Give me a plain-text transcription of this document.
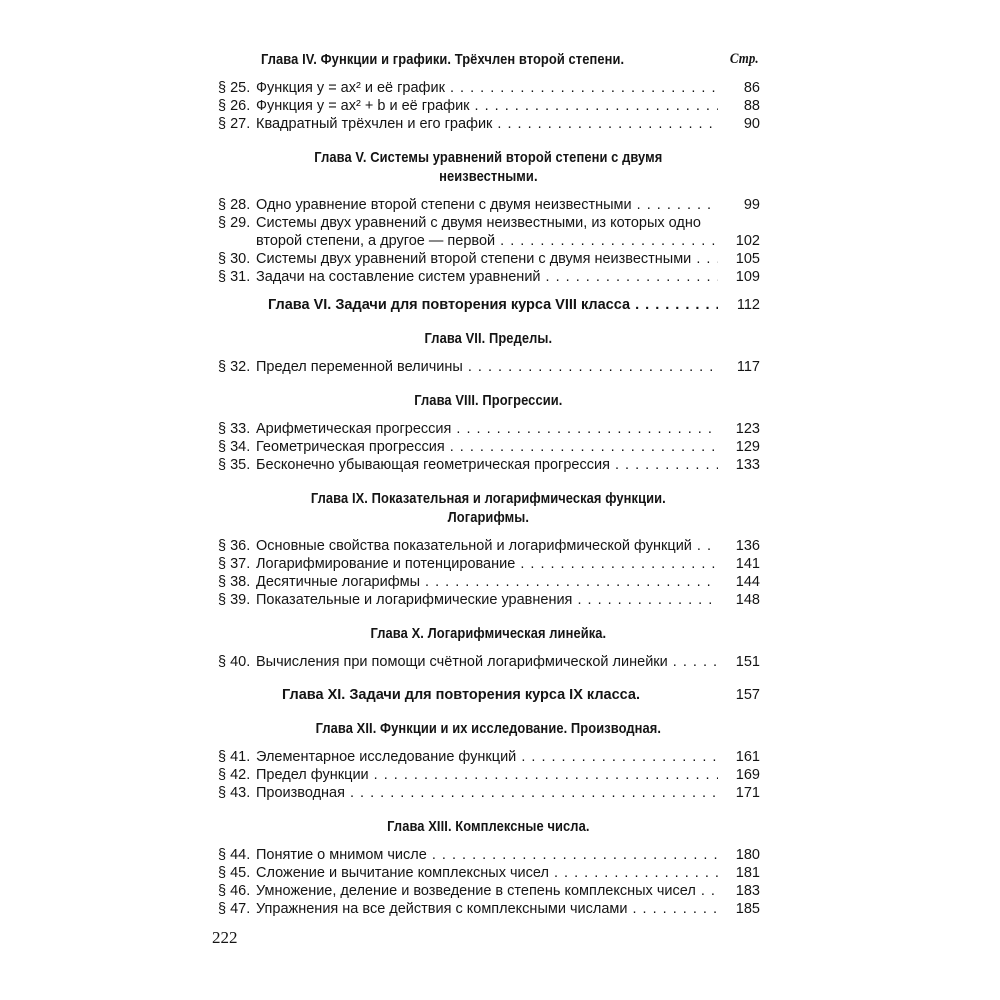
Глава IV. Функции и графики. Трёхчлен второй степени.	Стр.
§ 25. Функция y = ax² и её график . . .	86
§ 26. Функция y = ax² + b и её график . . .	88
§ 27. Квадратный трёхчлен и его график . . .	90
Глава V. Системы уравнений второй степени с двумя
неизвестными.
§ 28. Одно уравнение второй степени с двумя неизвестными . . .	99
§ 29. Системы двух уравнений с двумя неизвестными, из которых одно
второй степени, а другое — первой . . .	102
§ 30. Системы двух уравнений второй степени с двумя неизвестными . . .	105
§ 31. Задачи на составление систем уравнений . . .	109
Глава VI. Задачи для повторения курса VIII класса . . .	112
Глава VII. Пределы.
§ 32. Предел переменной величины . . .	117
Глава VIII. Прогрессии.
§ 33. Арифметическая прогрессия . . .	123
§ 34. Геометрическая прогрессия . . .	129
§ 35. Бесконечно убывающая геометрическая прогрессия . . .	133
Глава IX. Показательная и логарифмическая функции.
Логарифмы.
§ 36. Основные свойства показательной и логарифмической функций . . .	136
§ 37. Логарифмирование и потенцирование . . .	141
§ 38. Десятичные логарифмы . . .	144
§ 39. Показательные и логарифмические уравнения . . .	148
Глава X. Логарифмическая линейка.
§ 40. Вычисления при помощи счётной логарифмической линейки . . .	151
Глава XI. Задачи для повторения курса IX класса.	157
Глава XII. Функции и их исследование. Производная.
§ 41. Элементарное исследование функций . . .	161
§ 42. Предел функции . . .	169
§ 43. Производная . . .	171
Глава XIII. Комплексные числа.
§ 44. Понятие о мнимом числе . . .	180
§ 45. Сложение и вычитание комплексных чисел . . .	181
§ 46. Умножение, деление и возведение в степень комплексных чисел . . .	183
§ 47. Упражнения на все действия с комплексными числами . . .	185
222
